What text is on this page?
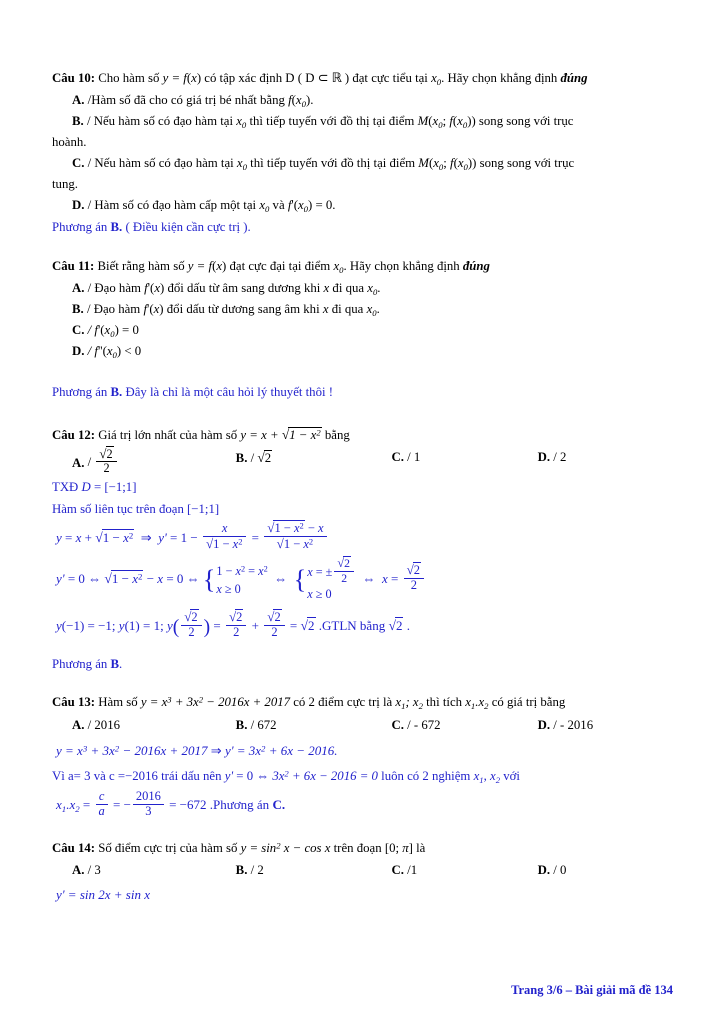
Câu 10: Cho hàm số y = f(x) có tập xác định D ( D ⊂ ℝ ) đạt cực tiểu tại $x_0$. Hãy chọn khẳng định đúng
A. /Hàm số đã cho có giá trị bé nhất bằng $f(x_0)$.
B. / Nếu hàm số có đạo hàm tại $x_0$ thì tiếp tuyến với đồ thị tại điểm $M(x_0$; $f(x_0)$) song song với trục
hoành.
C. / Nếu hàm số có đạo hàm tại $x_0$ thì tiếp tuyến với đồ thị tại điểm $M(x_0$; $f(x_0)$) song song với trục
tung.
D. / Hàm số có đạo hàm cấp một tại $x_0$ và $f'(x_0) = 0$.
Phương án B. ( Điều kiện cần cực trị ).
Câu 11: Biết rằng hàm số y = f(x) đạt cực đại tại điểm $x_0$. Hãy chọn khẳng định đúng
A. / Đạo hàm f'(x) đổi dấu từ âm sang dương khi x đi qua $x_0$.
B. / Đạo hàm f'(x) đổi dấu từ dương sang âm khi x đi qua $x_0$.
C. / $f'(x_0) = 0$
D. / $f''(x_0) < 0$
Phương án B. Đây là chỉ là một câu hỏi lý thuyết thôi !
Câu 12: Giá trị lớn nhất của hàm số $y = x + √1 - x^2$ bằng
A. / $\frac{√2}{2}$	B. / √2	C. / 1	D. / 2
TXĐ D = [−1;1]
Hàm số liên tục trên đoạn [−1;1]
$y = x + √1 - x^2$  ⇒  $y' = 1 - \frac{x}{√1 - x^2} = \frac{√1 - x^2 - x}{√1 - x^2}$
y' = 0 ⇔ $√1 - x^2 - x = 0$ ⇔ {$1 - x^2 = x^2$
x ≥ 0  ⇔  {x = ± $\frac{√2}{2}$

x ≥ 0  ⇔  $x = \frac{√2}{2}$
y(−1) = −1; y(1) = 1; $y( \frac{√2}{2}$ ) = $\frac{√2}{2} + \frac{√2}{2} = √2$ .GTLN bằng √2 .
Phương án B.
Câu 13: Hàm số $y = x^3 + 3x^2 - 2016x + 2017$ có 2 điểm cực trị là $x_1$; $x_2$ thì tích $x_1.x_2$ có giá trị bằng
A. / 2016	B. / 672	C. / - 672	D. / - 2016
$y = x^3 + 3x^2 - 2016x + 2017$ ⇒ $y' = 3x^2 + 6x - 2016$.
Vì a= 3 và c =−2016 trái dấu nên y' = 0 ⇔ $3x^2 + 6x - 2016 = 0$ luôn có 2 nghiệm $x_1$, $x_2$ với
$x_1.x_2 = \frac{c}{a}$ = − $\frac{2016}{3} = -672$ .Phương án C.
Câu 14: Số điểm cực trị của hàm số $y = \sin^2 x - \cos x$ trên đoạn [0; π] là
A. / 3	B. / 2	C. /1	D. / 0
y' = sin 2x + sin x
Trang 3/6 – Bài giải mã đề 134
